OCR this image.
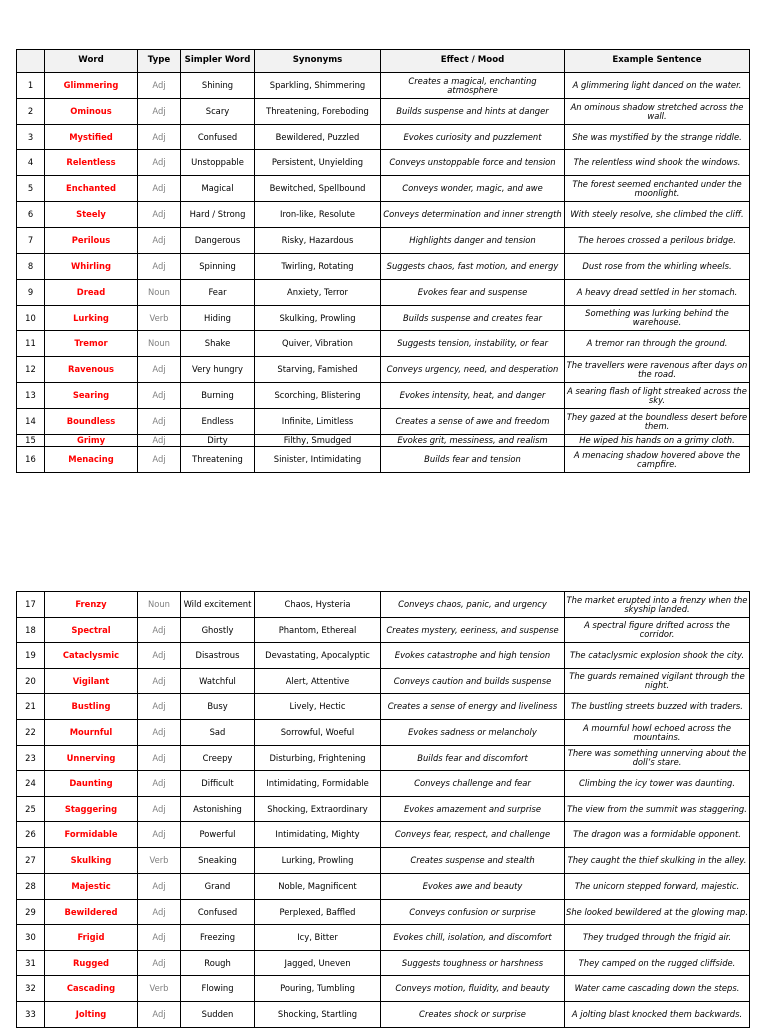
	Word	Type	Simpler Word	Synonyms	Effect / Mood	Example Sentence
1	Glimmering	Adj	Shining	Sparkling, Shimmering	Creates a magical, enchanting atmosphere	A glimmering light danced on the water.
2	Ominous	Adj	Scary	Threatening, Foreboding	Builds suspense and hints at danger	An ominous shadow stretched across the wall.
3	Mystified	Adj	Confused	Bewildered, Puzzled	Evokes curiosity and puzzlement	She was mystified by the strange riddle.
4	Relentless	Adj	Unstoppable	Persistent, Unyielding	Conveys unstoppable force and tension	The relentless wind shook the windows.
5	Enchanted	Adj	Magical	Bewitched, Spellbound	Conveys wonder, magic, and awe	The forest seemed enchanted under the moonlight.
6	Steely	Adj	Hard / Strong	Iron-like, Resolute	Conveys determination and inner strength	With steely resolve, she climbed the cliff.
7	Perilous	Adj	Dangerous	Risky, Hazardous	Highlights danger and tension	The heroes crossed a perilous bridge.
8	Whirling	Adj	Spinning	Twirling, Rotating	Suggests chaos, fast motion, and energy	Dust rose from the whirling wheels.
9	Dread	Noun	Fear	Anxiety, Terror	Evokes fear and suspense	A heavy dread settled in her stomach.
10	Lurking	Verb	Hiding	Skulking, Prowling	Builds suspense and creates fear	Something was lurking behind the warehouse.
11	Tremor	Noun	Shake	Quiver, Vibration	Suggests tension, instability, or fear	A tremor ran through the ground.
12	Ravenous	Adj	Very hungry	Starving, Famished	Conveys urgency, need, and desperation	The travellers were ravenous after days on the road.
13	Searing	Adj	Burning	Scorching, Blistering	Evokes intensity, heat, and danger	A searing flash of light streaked across the sky.
14	Boundless	Adj	Endless	Infinite, Limitless	Creates a sense of awe and freedom	They gazed at the boundless desert before them.
15	Grimy	Adj	Dirty	Filthy, Smudged	Evokes grit, messiness, and realism	He wiped his hands on a grimy cloth.
16	Menacing	Adj	Threatening	Sinister, Intimidating	Builds fear and tension	A menacing shadow hovered above the campfire.
17	Frenzy	Noun	Wild excitement	Chaos, Hysteria	Conveys chaos, panic, and urgency	The market erupted into a frenzy when the skyship landed.
18	Spectral	Adj	Ghostly	Phantom, Ethereal	Creates mystery, eeriness, and suspense	A spectral figure drifted across the corridor.
19	Cataclysmic	Adj	Disastrous	Devastating, Apocalyptic	Evokes catastrophe and high tension	The cataclysmic explosion shook the city.
20	Vigilant	Adj	Watchful	Alert, Attentive	Conveys caution and builds suspense	The guards remained vigilant through the night.
21	Bustling	Adj	Busy	Lively, Hectic	Creates a sense of energy and liveliness	The bustling streets buzzed with traders.
22	Mournful	Adj	Sad	Sorrowful, Woeful	Evokes sadness or melancholy	A mournful howl echoed across the mountains.
23	Unnerving	Adj	Creepy	Disturbing, Frightening	Builds fear and discomfort	There was something unnerving about the doll’s stare.
24	Daunting	Adj	Difficult	Intimidating, Formidable	Conveys challenge and fear	Climbing the icy tower was daunting.
25	Staggering	Adj	Astonishing	Shocking, Extraordinary	Evokes amazement and surprise	The view from the summit was staggering.
26	Formidable	Adj	Powerful	Intimidating, Mighty	Conveys fear, respect, and challenge	The dragon was a formidable opponent.
27	Skulking	Verb	Sneaking	Lurking, Prowling	Creates suspense and stealth	They caught the thief skulking in the alley.
28	Majestic	Adj	Grand	Noble, Magnificent	Evokes awe and beauty	The unicorn stepped forward, majestic.
29	Bewildered	Adj	Confused	Perplexed, Baffled	Conveys confusion or surprise	She looked bewildered at the glowing map.
30	Frigid	Adj	Freezing	Icy, Bitter	Evokes chill, isolation, and discomfort	They trudged through the frigid air.
31	Rugged	Adj	Rough	Jagged, Uneven	Suggests toughness or harshness	They camped on the rugged cliffside.
32	Cascading	Verb	Flowing	Pouring, Tumbling	Conveys motion, fluidity, and beauty	Water came cascading down the steps.
33	Jolting	Adj	Sudden	Shocking, Startling	Creates shock or surprise	A jolting blast knocked them backwards.
